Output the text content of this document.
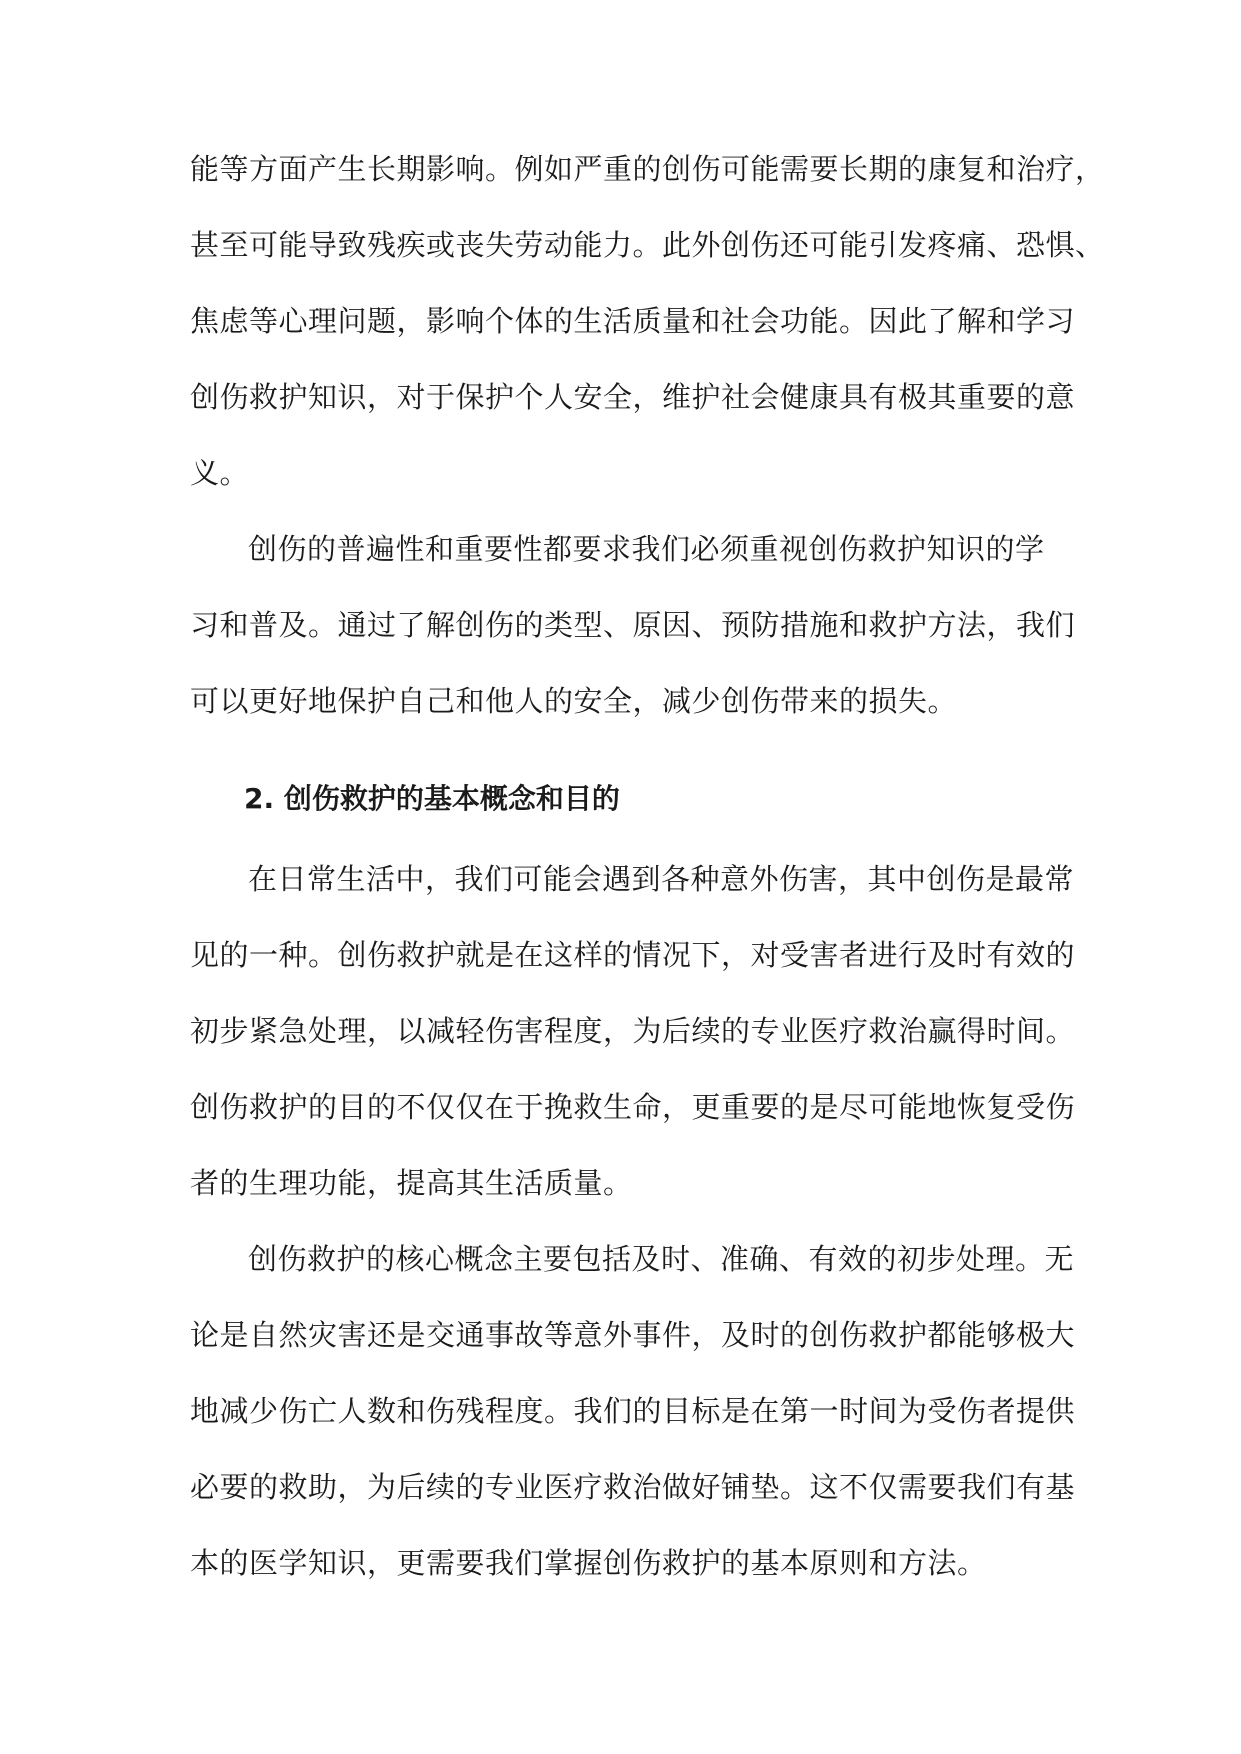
能等方面产生长期影响。例如严重的创伤可能需要长期的康复和治疗，
甚至可能导致残疾或丧失劳动能力。此外创伤还可能引发疼痛、恐惧、
焦虑等心理问题，影响个体的生活质量和社会功能。因此了解和学习
创伤救护知识，对于保护个人安全，维护社会健康具有极其重要的意
义。
创伤的普遍性和重要性都要求我们必须重视创伤救护知识的学
习和普及。通过了解创伤的类型、原因、预防措施和救护方法，我们
可以更好地保护自己和他人的安全，减少创伤带来的损失。
2. 创伤救护的基本概念和目的
在日常生活中，我们可能会遇到各种意外伤害，其中创伤是最常
见的一种。创伤救护就是在这样的情况下，对受害者进行及时有效的
初步紧急处理，以减轻伤害程度，为后续的专业医疗救治赢得时间。
创伤救护的目的不仅仅在于挽救生命，更重要的是尽可能地恢复受伤
者的生理功能，提高其生活质量。
创伤救护的核心概念主要包括及时、准确、有效的初步处理。无
论是自然灾害还是交通事故等意外事件，及时的创伤救护都能够极大
地减少伤亡人数和伤残程度。我们的目标是在第一时间为受伤者提供
必要的救助，为后续的专业医疗救治做好铺垫。这不仅需要我们有基
本的医学知识，更需要我们掌握创伤救护的基本原则和方法。
